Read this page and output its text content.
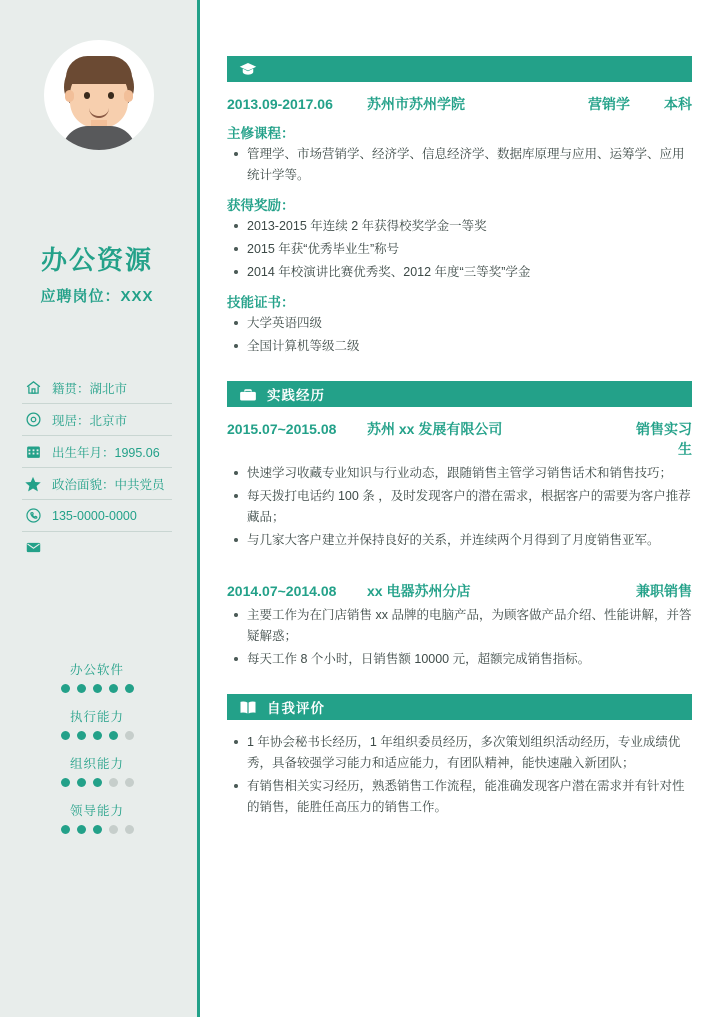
办公资源
应聘岗位：XXX
籍贯：湖北市
现居：北京市
出生年月：1995.06
政治面貌：中共党员
135-0000-0000
办公软件
执行能力
组织能力
领导能力
2013.09-2017.06	苏州市苏州学院	营销学	本科
主修课程：
管理学、市场营销学、经济学、信息经济学、数据库原理与应用、运筹学、应用统计学等。
获得奖励：
2013-2015 年连续 2 年获得校奖学金一等奖
2015 年获“优秀毕业生”称号
2014 年校演讲比赛优秀奖、2012 年度“三等奖”学金
技能证书：
大学英语四级
全国计算机等级二级
实践经历
2015.07~2015.08	苏州 xx 发展有限公司	销售实习生
快速学习收藏专业知识与行业动态，跟随销售主管学习销售话术和销售技巧；
每天拨打电话约 100 条 ，及时发现客户的潜在需求，根据客户的需要为客户推荐藏品；
与几家大客户建立并保持良好的关系，并连续两个月得到了月度销售亚军。
2014.07~2014.08	xx 电器苏州分店	兼职销售
主要工作为在门店销售 xx 品牌的电脑产品，为顾客做产品介绍、性能讲解，并答疑解惑；
每天工作 8 个小时，日销售额 10000 元，超额完成销售指标。
自我评价
1 年协会秘书长经历，1 年组织委员经历，多次策划组织活动经历，专业成绩优秀，具备较强学习能力和适应能力，有团队精神，能快速融入新团队；
有销售相关实习经历，熟悉销售工作流程，能准确发现客户潜在需求并有针对性的销售，能胜任高压力的销售工作。
